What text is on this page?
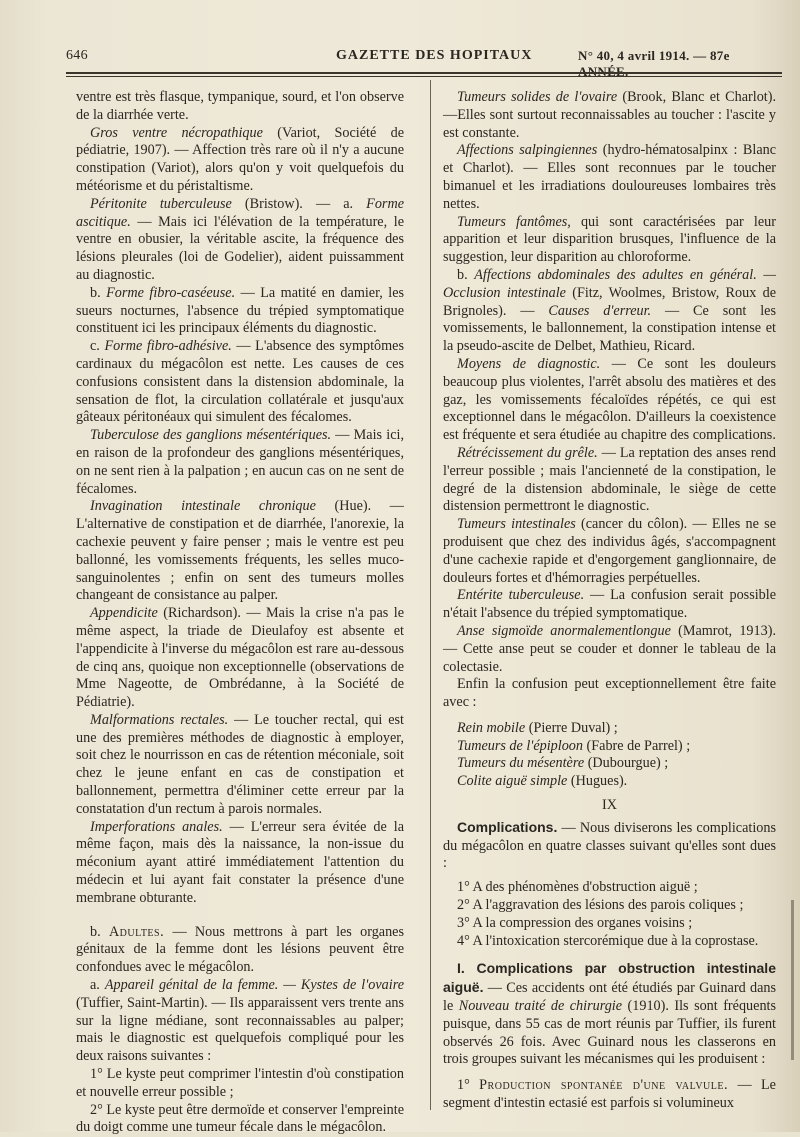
646	GAZETTE DES HOPITAUX	N° 40, 4 avril 1914. — 87e ANNÉE.

ventre est très flasque, tympanique, sourd, et l'on observe de la diarrhée verte.

Gros ventre nécropathique (Variot, Société de pédiatrie, 1907). — Affection très rare où il n'y a aucune constipation (Variot), alors qu'on y voit quelquefois du météorisme et du péristaltisme.

Péritonite tuberculeuse (Bristow). — a. Forme ascitique. — Mais ici l'élévation de la température, le ventre en obusier, la véritable ascite, la fréquence des lésions pleurales (loi de Godelier), aident puissamment au diagnostic.

b. Forme fibro-caséeuse. — La matité en damier, les sueurs nocturnes, l'absence du trépied symptomatique constituent ici les principaux éléments du diagnostic.

c. Forme fibro-adhésive. — L'absence des symptômes cardinaux du mégacôlon est nette. Les causes de ces confusions consistent dans la distension abdominale, la sensation de flot, la circulation collatérale et jusqu'aux gâteaux péritonéaux qui simulent des fécalomes.

Tuberculose des ganglions mésentériques. — Mais ici, en raison de la profondeur des ganglions mésentériques, on ne sent rien à la palpation ; en aucun cas on ne sent de fécalomes.

Invagination intestinale chronique (Hue). — L'alternative de constipation et de diarrhée, l'anorexie, la cachexie peuvent y faire penser ; mais le ventre est peu ballonné, les vomissements fréquents, les selles muco-sanguinolentes ; enfin on sent des tumeurs molles changeant de consistance au palper.

Appendicite (Richardson). — Mais la crise n'a pas le même aspect, la triade de Dieulafoy est absente et l'appendicite à l'inverse du mégacôlon est rare au-dessous de cinq ans, quoique non exceptionnelle (observations de Mme Nageotte, de Ombrédanne, à la Société de Pédiatrie).

Malformations rectales. — Le toucher rectal, qui est une des premières méthodes de diagnostic à employer, soit chez le nourrisson en cas de rétention méconiale, soit chez le jeune enfant en cas de constipation et ballonnement, permettra d'éliminer cette erreur par la constatation d'un rectum à parois normales.

Imperforations anales. — L'erreur sera évitée de la même façon, mais dès la naissance, la non-issue du méconium ayant attiré immédiatement l'attention du médecin et lui ayant fait constater la présence d'une membrane obturante.

b. Adultes. — Nous mettrons à part les organes génitaux de la femme dont les lésions peuvent être confondues avec le mégacôlon.

a. Appareil génital de la femme. — Kystes de l'ovaire (Tuffier, Saint-Martin). — Ils apparaissent vers trente ans sur la ligne médiane, sont reconnaissables au palper; mais le diagnostic est quelquefois compliqué pour les deux raisons suivantes :

1° Le kyste peut comprimer l'intestin d'où constipation et nouvelle erreur possible ;

2° Le kyste peut être dermoïde et conserver l'empreinte du doigt comme une tumeur fécale dans le mégacôlon.

Tumeurs solides de l'ovaire (Brook, Blanc et Charlot). —Elles sont surtout reconnaissables au toucher : l'ascite y est constante.

Affections salpingiennes (hydro-hématosalpinx : Blanc et Charlot). — Elles sont reconnues par le toucher bimanuel et les irradiations douloureuses lombaires très nettes.

Tumeurs fantômes, qui sont caractérisées par leur apparition et leur disparition brusques, l'influence de la suggestion, leur disparition au chloroforme.

b. Affections abdominales des adultes en général. — Occlusion intestinale (Fitz, Woolmes, Bristow, Roux de Brignoles). — Causes d'erreur. — Ce sont les vomissements, le ballonnement, la constipation intense et la pseudo-ascite de Delbet, Mathieu, Ricard.

Moyens de diagnostic. — Ce sont les douleurs beaucoup plus violentes, l'arrêt absolu des matières et des gaz, les vomissements fécaloïdes répétés, ce qui est exceptionnel dans le mégacôlon. D'ailleurs la coexistence est fréquente et sera étudiée au chapitre des complications.

Rétrécissement du grêle. — La reptation des anses rend l'erreur possible ; mais l'ancienneté de la constipation, le degré de la distension abdominale, le siège de cette distension permettront le diagnostic.

Tumeurs intestinales (cancer du côlon). — Elles ne se produisent que chez des individus âgés, s'accompagnent d'une cachexie rapide et d'engorgement ganglionnaire, de douleurs fortes et d'hémorragies perpétuelles.

Entérite tuberculeuse. — La confusion serait possible n'était l'absence du trépied symptomatique.

Anse sigmoïde anormalementlongue (Mamrot, 1913). — Cette anse peut se couder et donner le tableau de la colectasie.

Enfin la confusion peut exceptionnellement être faite avec :

Rein mobile (Pierre Duval) ;

Tumeurs de l'épiploon (Fabre de Parrel) ;

Tumeurs du mésentère (Dubourgue) ;

Colite aiguë simple (Hugues).

IX

Complications. — Nous diviserons les complications du mégacôlon en quatre classes suivant qu'elles sont dues :

1° A des phénomènes d'obstruction aiguë ;

2° A l'aggravation des lésions des parois coliques ;

3° A la compression des organes voisins ;

4° A l'intoxication stercorémique due à la coprostase.

I. Complications par obstruction intestinale aiguë. — Ces accidents ont été étudiés par Guinard dans le Nouveau traité de chirurgie (1910). Ils sont fréquents puisque, dans 55 cas de mort réunis par Tuffier, ils furent observés 26 fois. Avec Guinard nous les classerons en trois groupes suivant les mécanismes qui les produisent :

1° Production spontanée d'une valvule. — Le segment d'intestin ectasié est parfois si volumineux
